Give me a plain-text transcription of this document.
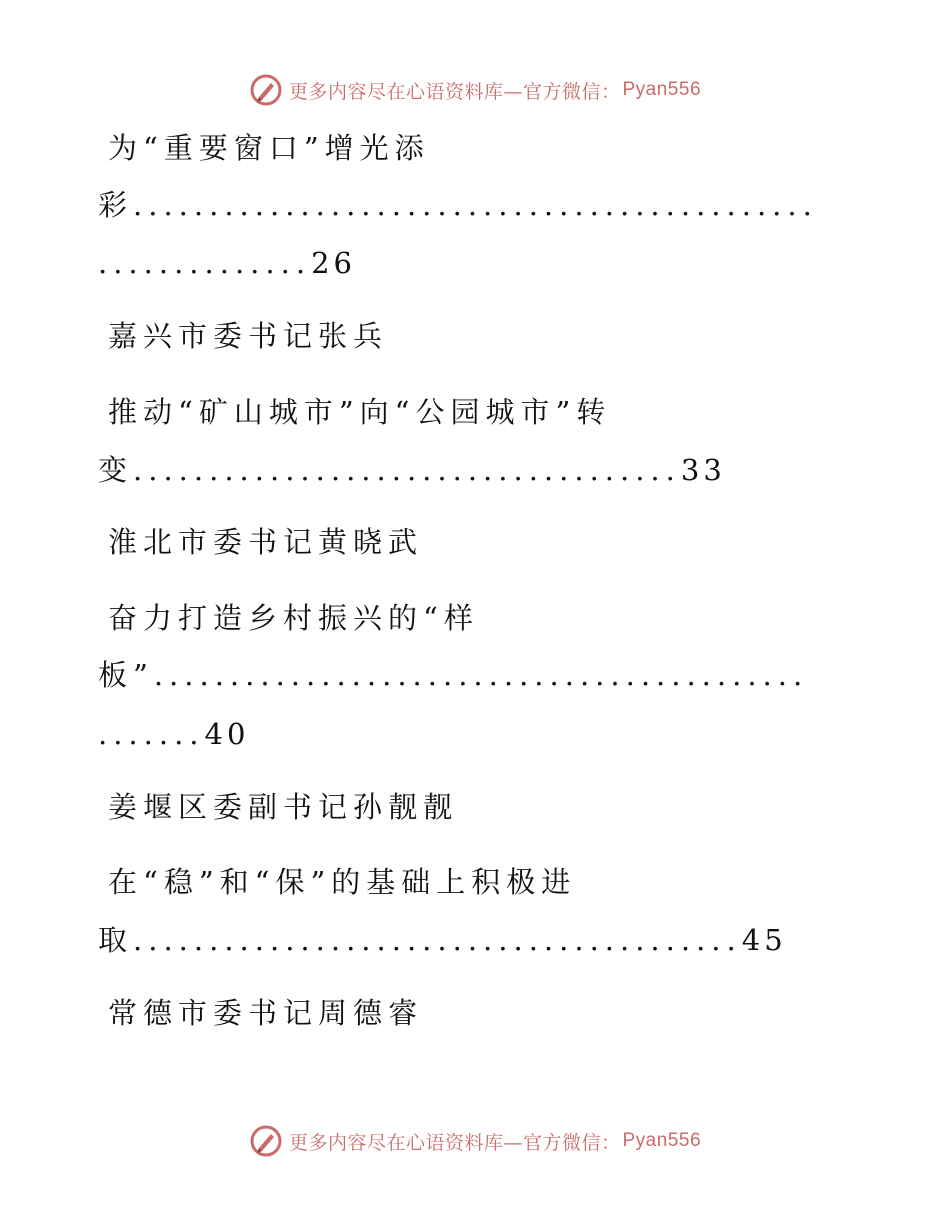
更多内容尽在心语资料库—官方微信： Pyan556
为“重要窗口”增光添
彩 .............................................
..............26
嘉兴市委书记张兵
推动“矿山城市”向“公园城市”转
变....................................33
淮北市委书记黄晓武
奋力打造乡村振兴的“样
板” ...........................................
.......40
姜堰区委副书记孙靓靓
在“稳”和“保”的基础上积极进
取........................................45
常德市委书记周德睿
更多内容尽在心语资料库—官方微信： Pyan556
